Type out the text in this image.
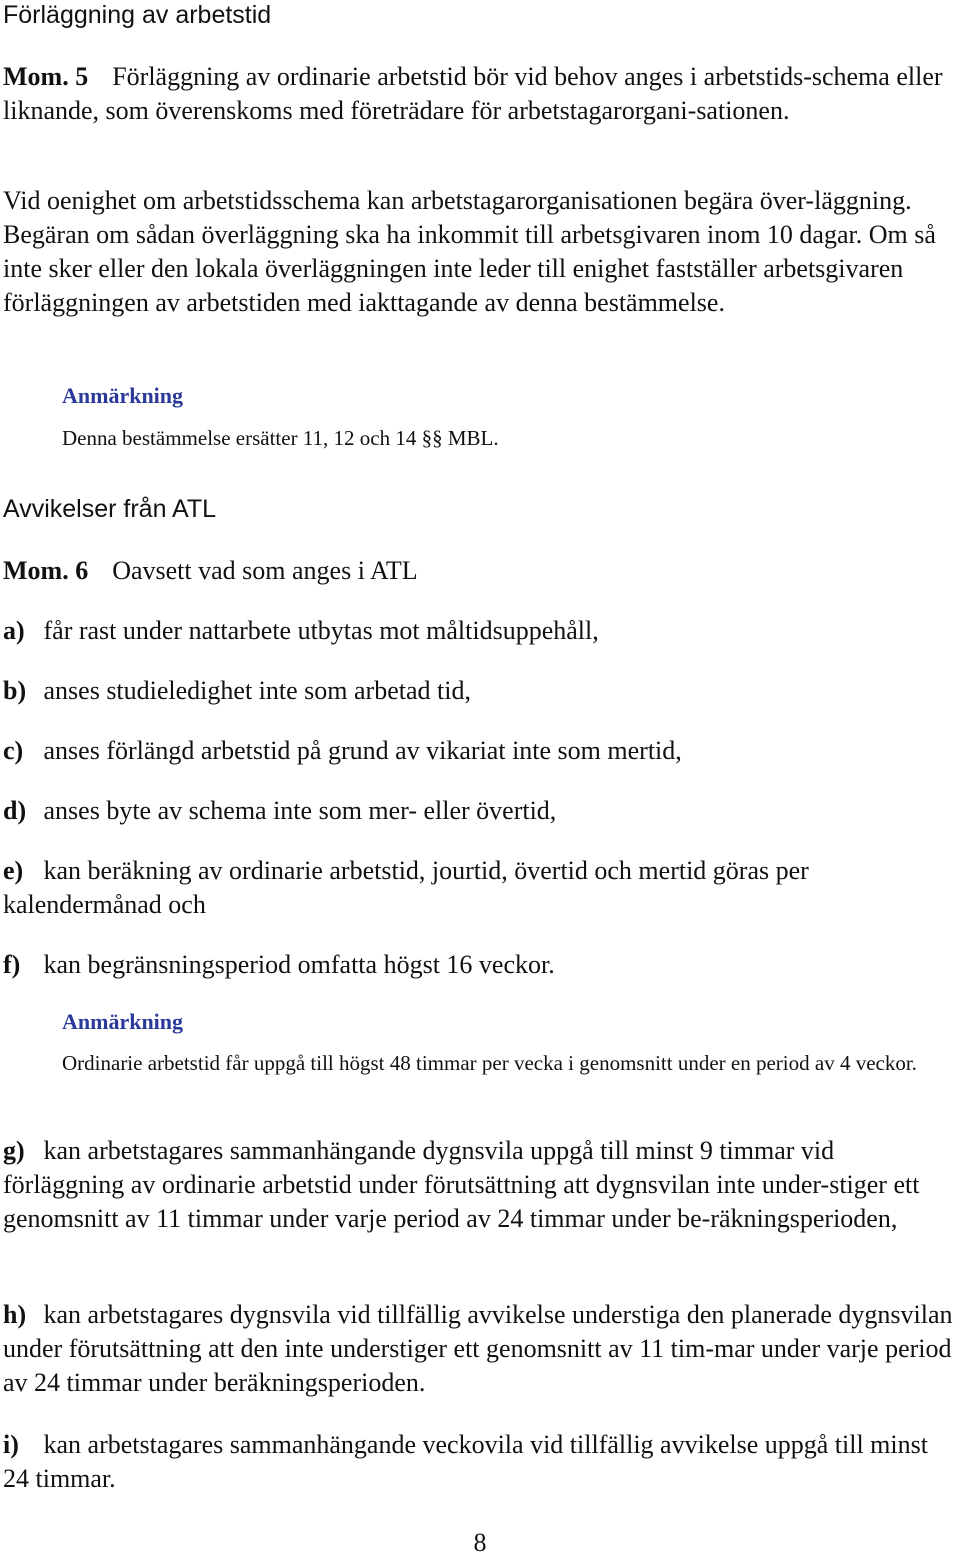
Förläggning av arbetstid

Mom. 5 Förläggning av ordinarie arbetstid bör vid behov anges i arbetstids-schema eller liknande, som överenskoms med företrädare för arbetstagarorgani-sationen.

Vid oenighet om arbetstidsschema kan arbetstagarorganisationen begära över-läggning. Begäran om sådan överläggning ska ha inkommit till arbetsgivaren inom 10 dagar. Om så inte sker eller den lokala överläggningen inte leder till enighet fastställer arbetsgivaren förläggningen av arbetstiden med iakttagande av denna bestämmelse.

Anmärkning

Denna bestämmelse ersätter 11, 12 och 14 §§ MBL.

Avvikelser från ATL

Mom. 6 Oavsett vad som anges i ATL

a) får rast under nattarbete utbytas mot måltidsuppehåll,

b) anses studieledighet inte som arbetad tid,

c) anses förlängd arbetstid på grund av vikariat inte som mertid,

d) anses byte av schema inte som mer- eller övertid,

e) kan beräkning av ordinarie arbetstid, jourtid, övertid och mertid göras per kalendermånad och

f) kan begränsningsperiod omfatta högst 16 veckor.

Anmärkning

Ordinarie arbetstid får uppgå till högst 48 timmar per vecka i genomsnitt under en period av 4 veckor.

g) kan arbetstagares sammanhängande dygnsvila uppgå till minst 9 timmar vid förläggning av ordinarie arbetstid under förutsättning att dygnsvilan inte under-stiger ett genomsnitt av 11 timmar under varje period av 24 timmar under be-räkningsperioden,

h) kan arbetstagares dygnsvila vid tillfällig avvikelse understiga den planerade dygnsvilan under förutsättning att den inte understiger ett genomsnitt av 11 tim-mar under varje period av 24 timmar under beräkningsperioden.

i) kan arbetstagares sammanhängande veckovila vid tillfällig avvikelse uppgå till minst 24 timmar.

8
